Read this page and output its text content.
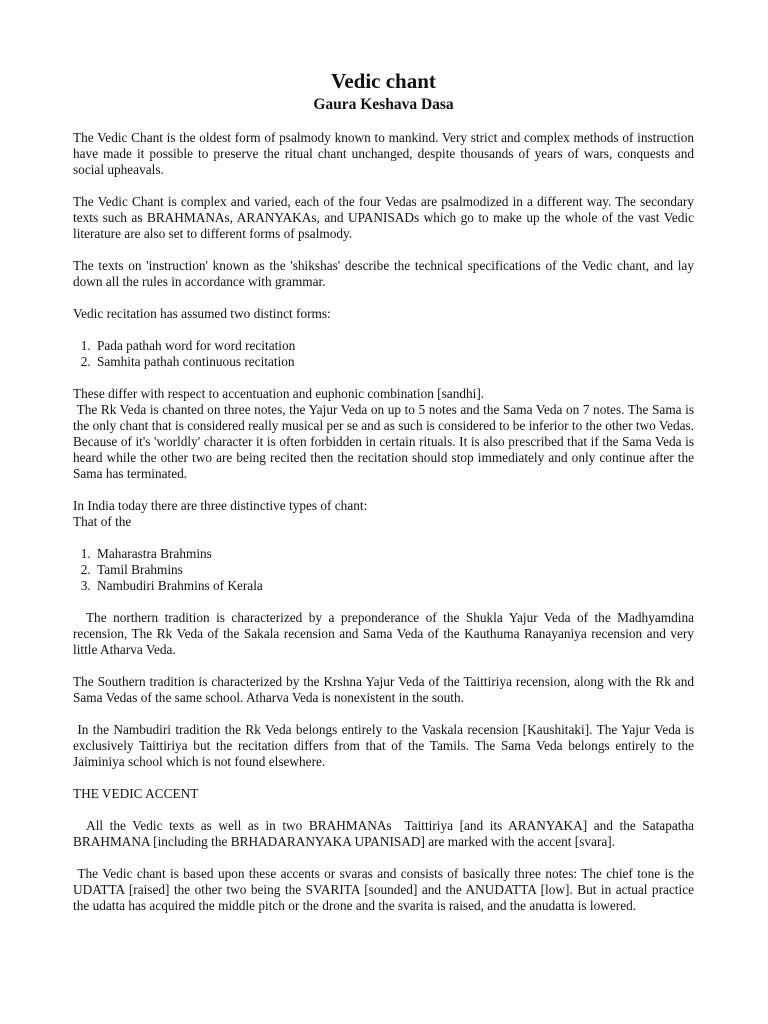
Vedic chant
Gaura Keshava Dasa

The Vedic Chant is the oldest form of psalmody known to mankind. Very strict and complex methods of instruction have made it possible to preserve the ritual chant unchanged, despite thousands of years of wars, conquests and social upheavals.

The Vedic Chant is complex and varied, each of the four Vedas are psalmodized in a different way. The secondary texts such as BRAHMANAs, ARANYAKAs, and UPANISADs which go to make up the whole of the vast Vedic literature are also set to different forms of psalmody.

The texts on 'instruction' known as the 'shikshas' describe the technical specifications of the Vedic chant, and lay down all the rules in accordance with grammar.

Vedic recitation has assumed two distinct forms:

1. Pada pathah word for word recitation
2. Samhita pathah continuous recitation

These differ with respect to accentuation and euphonic combination [sandhi].

The Rk Veda is chanted on three notes, the Yajur Veda on up to 5 notes and the Sama Veda on 7 notes. The Sama is the only chant that is considered really musical per se and as such is considered to be inferior to the other two Vedas. Because of it's 'worldly' character it is often forbidden in certain rituals. It is also prescribed that if the Sama Veda is heard while the other two are being recited then the recitation should stop immediately and only continue after the Sama has terminated.

In India today there are three distinctive types of chant:

That of the

1. Maharastra Brahmins
2. Tamil Brahmins
3. Nambudiri Brahmins of Kerala

The northern tradition is characterized by a preponderance of the Shukla Yajur Veda of the Madhyamdina recension, The Rk Veda of the Sakala recension and Sama Veda of the Kauthuma Ranayaniya recension and very little Atharva Veda.

The Southern tradition is characterized by the Krshna Yajur Veda of the Taittiriya recension, along with the Rk and Sama Vedas of the same school. Atharva Veda is nonexistent in the south.

In the Nambudiri tradition the Rk Veda belongs entirely to the Vaskala recension [Kaushitaki]. The Yajur Veda is exclusively Taittiriya but the recitation differs from that of the Tamils. The Sama Veda belongs entirely to the Jaiminiya school which is not found elsewhere.

THE VEDIC ACCENT

All the Vedic texts as well as in two BRAHMANAs  Taittiriya [and its ARANYAKA] and the Satapatha BRAHMANA [including the BRHADARANYAKA UPANISAD] are marked with the accent [svara].

The Vedic chant is based upon these accents or svaras and consists of basically three notes: The chief tone is the UDATTA [raised] the other two being the SVARITA [sounded] and the ANUDATTA [low]. But in actual practice the udatta has acquired the middle pitch or the drone and the svarita is raised, and the anudatta is lowered.
